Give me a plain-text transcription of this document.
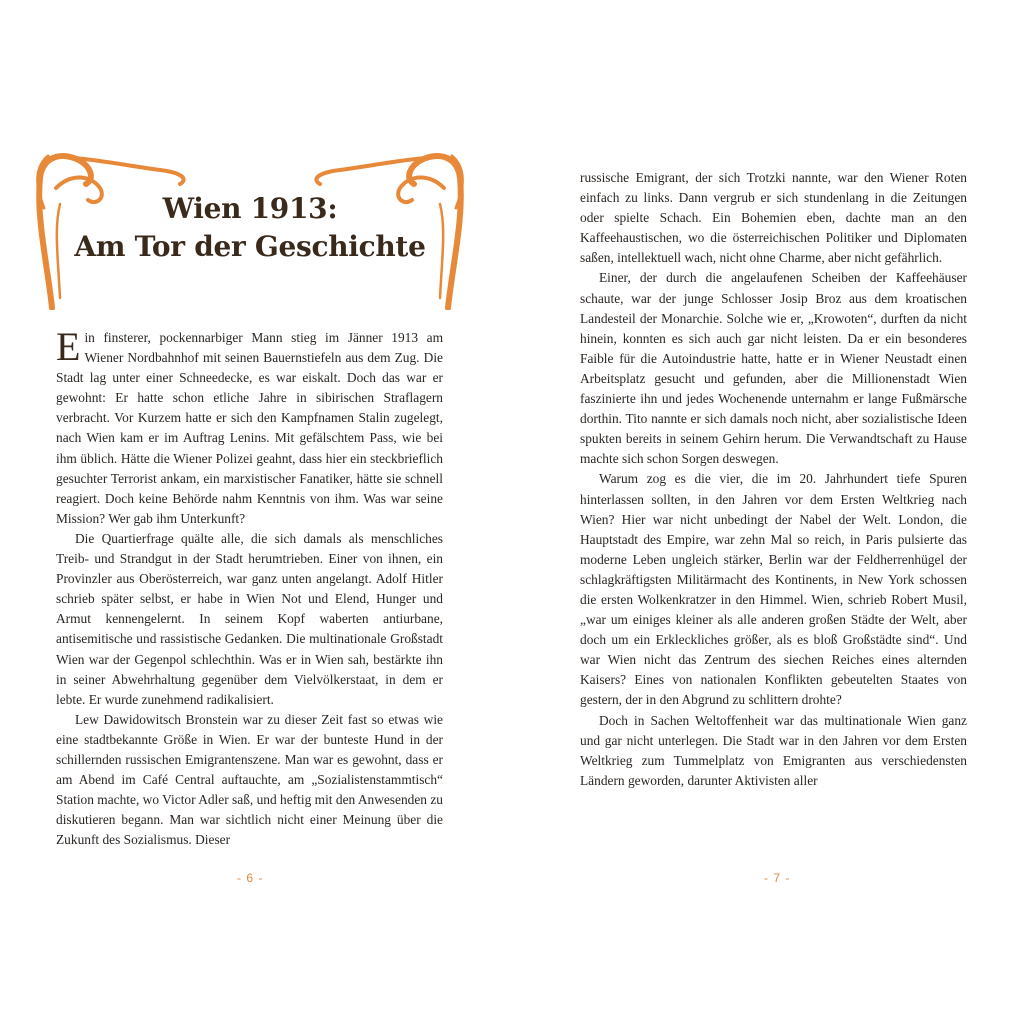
Wien 1913:
Am Tor der Geschichte

Ein finsterer, pockennarbiger Mann stieg im Jänner 1913 am Wiener Nordbahnhof mit seinen Bauernstiefeln aus dem Zug. Die Stadt lag unter einer Schneedecke, es war eiskalt. Doch das war er gewohnt: Er hatte schon etliche Jahre in sibirischen Straflagern verbracht. Vor Kurzem hatte er sich den Kampfnamen Stalin zugelegt, nach Wien kam er im Auftrag Lenins. Mit gefälschtem Pass, wie bei ihm üblich. Hätte die Wiener Polizei geahnt, dass hier ein steckbrieflich gesuchter Terrorist ankam, ein marxistischer Fanatiker, hätte sie schnell reagiert. Doch keine Behörde nahm Kenntnis von ihm. Was war seine Mission? Wer gab ihm Unterkunft?

Die Quartierfrage quälte alle, die sich damals als menschliches Treib- und Strandgut in der Stadt herumtrieben. Einer von ihnen, ein Provinzler aus Oberösterreich, war ganz unten angelangt. Adolf Hitler schrieb später selbst, er habe in Wien Not und Elend, Hunger und Armut kennengelernt. In seinem Kopf waberten antiurbane, antisemitische und rassistische Gedanken. Die multinationale Großstadt Wien war der Gegenpol schlechthin. Was er in Wien sah, bestärkte ihn in seiner Abwehrhaltung gegenüber dem Vielvölkerstaat, in dem er lebte. Er wurde zunehmend radikalisiert.

Lew Dawidowitsch Bronstein war zu dieser Zeit fast so etwas wie eine stadtbekannte Größe in Wien. Er war der bunteste Hund in der schillernden russischen Emigrantenszene. Man war es gewohnt, dass er am Abend im Café Central auftauchte, am „Sozialistenstammtisch“ Station machte, wo Victor Adler saß, und heftig mit den Anwesenden zu diskutieren begann. Man war sichtlich nicht einer Meinung über die Zukunft des Sozialismus. Dieser

- 6 -

russische Emigrant, der sich Trotzki nannte, war den Wiener Roten einfach zu links. Dann vergrub er sich stundenlang in die Zeitungen oder spielte Schach. Ein Bohemien eben, dachte man an den Kaffeehaustischen, wo die österreichischen Politiker und Diplomaten saßen, intellektuell wach, nicht ohne Charme, aber nicht gefährlich.

Einer, der durch die angelaufenen Scheiben der Kaffeehäuser schaute, war der junge Schlosser Josip Broz aus dem kroatischen Landesteil der Monarchie. Solche wie er, „Krowoten“, durften da nicht hinein, konnten es sich auch gar nicht leisten. Da er ein besonderes Faible für die Autoindustrie hatte, hatte er in Wiener Neustadt einen Arbeitsplatz gesucht und gefunden, aber die Millionenstadt Wien faszinierte ihn und jedes Wochenende unternahm er lange Fußmärsche dorthin. Tito nannte er sich damals noch nicht, aber sozialistische Ideen spukten bereits in seinem Gehirn herum. Die Verwandtschaft zu Hause machte sich schon Sorgen deswegen.

Warum zog es die vier, die im 20. Jahrhundert tiefe Spuren hinterlassen sollten, in den Jahren vor dem Ersten Weltkrieg nach Wien? Hier war nicht unbedingt der Nabel der Welt. London, die Hauptstadt des Empire, war zehn Mal so reich, in Paris pulsierte das moderne Leben ungleich stärker, Berlin war der Feldherrenhügel der schlagkräftigsten Militärmacht des Kontinents, in New York schossen die ersten Wolkenkratzer in den Himmel. Wien, schrieb Robert Musil, „war um einiges kleiner als alle anderen großen Städte der Welt, aber doch um ein Erkleckliches größer, als es bloß Großstädte sind“. Und war Wien nicht das Zentrum des siechen Reiches eines alternden Kaisers? Eines von nationalen Konflikten gebeutelten Staates von gestern, der in den Abgrund zu schlittern drohte?

Doch in Sachen Weltoffenheit war das multinationale Wien ganz und gar nicht unterlegen. Die Stadt war in den Jahren vor dem Ersten Weltkrieg zum Tummelplatz von Emigranten aus verschiedensten Ländern geworden, darunter Aktivisten aller

- 7 -
